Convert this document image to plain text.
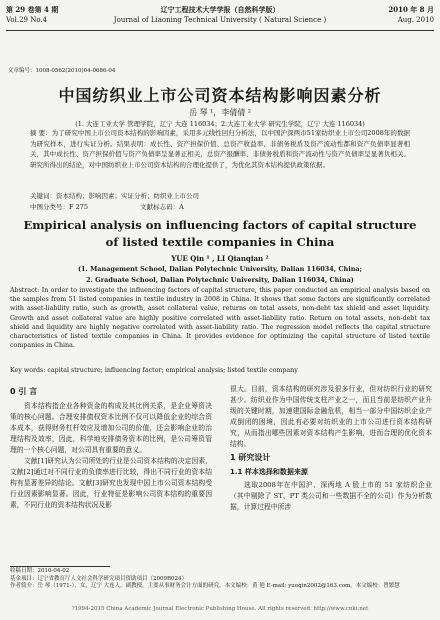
第 29 卷第 4 期
Vol.29 No.4
辽宁工程技术大学学报（自然科学版）
Journal of Liaoning Technical University ( Natural Science )
2010 年 8 月
Aug. 2010
文章编号：1008-0562(2010)04-0686-04
中国纺织业上市公司资本结构影响因素分析
岳 琴 ¹，李倩倩 ²
(1. 大连工业大学 管理学院，辽宁 大连 116034；2.大连工业大学 研究生学院，辽宁 大连 116034)
摘 要：为了研究中国上市公司资本结构的影响因素，采用多元线性回归分析法，以中国沪深两市51家纺织业上市公司2008年的数据为研究样本，进行实证分析。结果表明：成长性、资产担保价值、总资产收益率、非债务税盾及资产流动性都和资产负债率显著相关，其中成长性、资产担保价值与资产负债率呈显著正相关，总资产报酬率、非债务税盾和资产流动性与资产负债率呈显著负相关。研究所得出的结论，对中国纺织业上市公司资本结构的合理化提供了，为优化其资本结构提供政策依据。
关键词：资本结构；影响因素；实证分析；纺织业上市公司
中图分类号：F 275	文献标志码：A
Empirical analysis on influencing factors of capital structure of listed textile companies in China
YUE Qin ¹ , LI Qianqian ²
(1. Management School, Dalian Polytechnic University, Dalian 116034, China;
2. Graduate School, Dalian Polytechnic University, Dalian 116034, China)
Abstract: In order to investigate the influencing factors of capital structure, this paper conducted an empirical analysis based on the samples from 51 listed companies in textile industry in 2008 in China. It shows that some factors are significantly correlated with asset-liability ratio, such as growth, asset collateral value, returns on total assets, non-debt tax shield and asset liquidity. Growth and asset collateral value are highly positive correlated with asset-liability ratio. Return on total assets, non-debt tax shield and liquidity are highly negative correlated with asset-liability ratio. The regression model reflects the capital structure characteristics of listed textile companies in China. It provides evidence for optimizing the capital structure of listed textile companies in China.
Key words: capital structure; influencing factor; empirical analysis; listed textile company
0 引 言

资本结构指企业各种资金的构成及其比例关系，是企业筹资决策的核心问题。合理安排债权资本比例不仅可以降低企业的综合资本成本，获得财务杠杆效应及增加公司的价值，还会影响企业的治理结构及效率，因此，科学地安排债务资本的比例，是公司筹资管理的一个核心问题，对公司具有重要的意义。

文献[1]研究认为公司所处的行业是公司资本结构的决定因素，文献[2]通过对不同行业的负债率进行比较，得出不同行业的资本结构有显著差异的结论。文献[3]研究也发现中国上市公司资本结构受行业因素影响显著。因此，行业特征是影响公司资本结构的重要因素，不同行业的资本结构状况及影

很大。目前，资本结构的研究涉及很多行业，但对纺织行业的研究甚少。纺织业作为中国传统支柱产业之一，而且当前是纺织产业升级的关键时期，加速建国际金融危机，相当一部分中国纺织企业产成倒闭的困境，因此有必要对纺织业的上市公司进行资本结构研究，从而指出哪些因素对资本结构产生影响，进而合理的优化资本结构。

1 研究设计
1.1 样本选择和数据来源

选取2008年在中国沪、深两地 A 股上市的 51 家纺织企业（其中剔除了 ST、PT 类公司和一些数据不全的公司）作为分析数据，计算过程中所涉

收稿日期：2010-04-02
基金项目：辽宁省教育厅人文社会科学研究项目资助项目（2009B024）
作者简介：岳 琴（1971-），女，辽宁 大连人，副教授，主要从事财务会计方面的研究。本文编校：黄 艳 E-mail: yueqin2002@163.com。本文编校：曾繁慧
?1994-2015 China Academic Journal Electronic Publishing House. All rights reserved. http://www.cnki.net
